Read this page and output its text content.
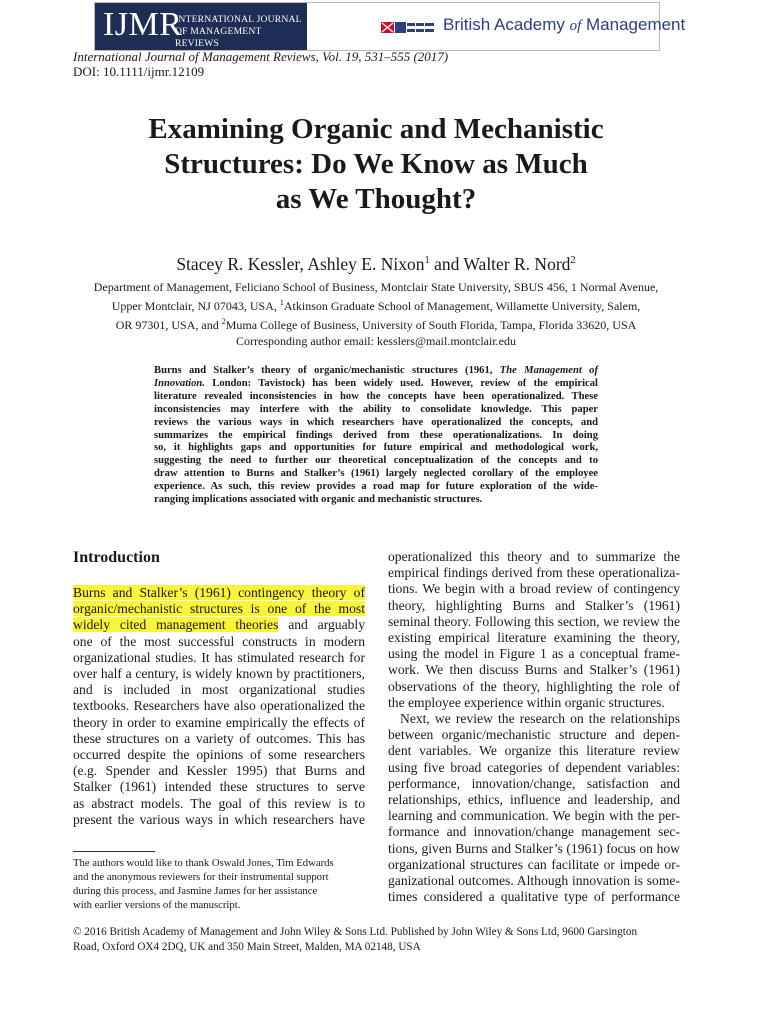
IJMR
INTERNATIONAL JOURNAL
OF MANAGEMENT REVIEWS
British Academy of Management
International Journal of Management Reviews, Vol. 19, 531–555 (2017)
DOI: 10.1111/ijmr.12109
Examining Organic and Mechanistic
Structures: Do We Know as Much
as We Thought?
Stacey R. Kessler, Ashley E. Nixon$^1$ and Walter R. Nord$^2$
Department of Management, Feliciano School of Business, Montclair State University, SBUS 456, 1 Normal Avenue,
Upper Montclair, NJ 07043, USA, $^1$Atkinson Graduate School of Management, Willamette University, Salem,
OR 97301, USA, and $^2$Muma College of Business, University of South Florida, Tampa, Florida 33620, USA
Corresponding author email: kesslers@mail.montclair.edu
Burns and Stalker’s theory of organic/mechanistic structures (1961, The Management of
Innovation. London: Tavistock) has been widely used. However, review of the empirical
literature revealed inconsistencies in how the concepts have been operationalized. These
inconsistencies may interfere with the ability to consolidate knowledge. This paper
reviews the various ways in which researchers have operationalized the concepts, and
summarizes the empirical findings derived from these operationalizations. In doing
so, it highlights gaps and opportunities for future empirical and methodological work,
suggesting the need to further our theoretical conceptualization of the concepts and to
draw attention to Burns and Stalker’s (1961) largely neglected corollary of the employee
experience. As such, this review provides a road map for future exploration of the wide-
ranging implications associated with organic and mechanistic structures.
Introduction
Burns and Stalker’s (1961) contingency theory of
organic/mechanistic structures is one of the most
widely cited management theories and arguably
one of the most successful constructs in modern
organizational studies. It has stimulated research for
over half a century, is widely known by practitioners,
and is included in most organizational studies
textbooks. Researchers have also operationalized the
theory in order to examine empirically the effects of
these structures on a variety of outcomes. This has
occurred despite the opinions of some researchers
(e.g. Spender and Kessler 1995) that Burns and
Stalker (1961) intended these structures to serve
as abstract models. The goal of this review is to
present the various ways in which researchers have
operationalized this theory and to summarize the
empirical findings derived from these operationaliza-
tions. We begin with a broad review of contingency
theory, highlighting Burns and Stalker’s (1961)
seminal theory. Following this section, we review the
existing empirical literature examining the theory,
using the model in Figure 1 as a conceptual frame-
work. We then discuss Burns and Stalker’s (1961)
observations of the theory, highlighting the role of
the employee experience within organic structures.
Next, we review the research on the relationships
between organic/mechanistic structure and depen-
dent variables. We organize this literature review
using five broad categories of dependent variables:
performance, innovation/change, satisfaction and
relationships, ethics, influence and leadership, and
learning and communication. We begin with the per-
formance and innovation/change management sec-
tions, given Burns and Stalker’s (1961) focus on how
organizational structures can facilitate or impede or-
ganizational outcomes. Although innovation is some-
times considered a qualitative type of performance
The authors would like to thank Oswald Jones, Tim Edwards
and the anonymous reviewers for their instrumental support
during this process, and Jasmine James for her assistance
with earlier versions of the manuscript.
© 2016 British Academy of Management and John Wiley & Sons Ltd. Published by John Wiley & Sons Ltd, 9600 Garsington
Road, Oxford OX4 2DQ, UK and 350 Main Street, Malden, MA 02148, USA
